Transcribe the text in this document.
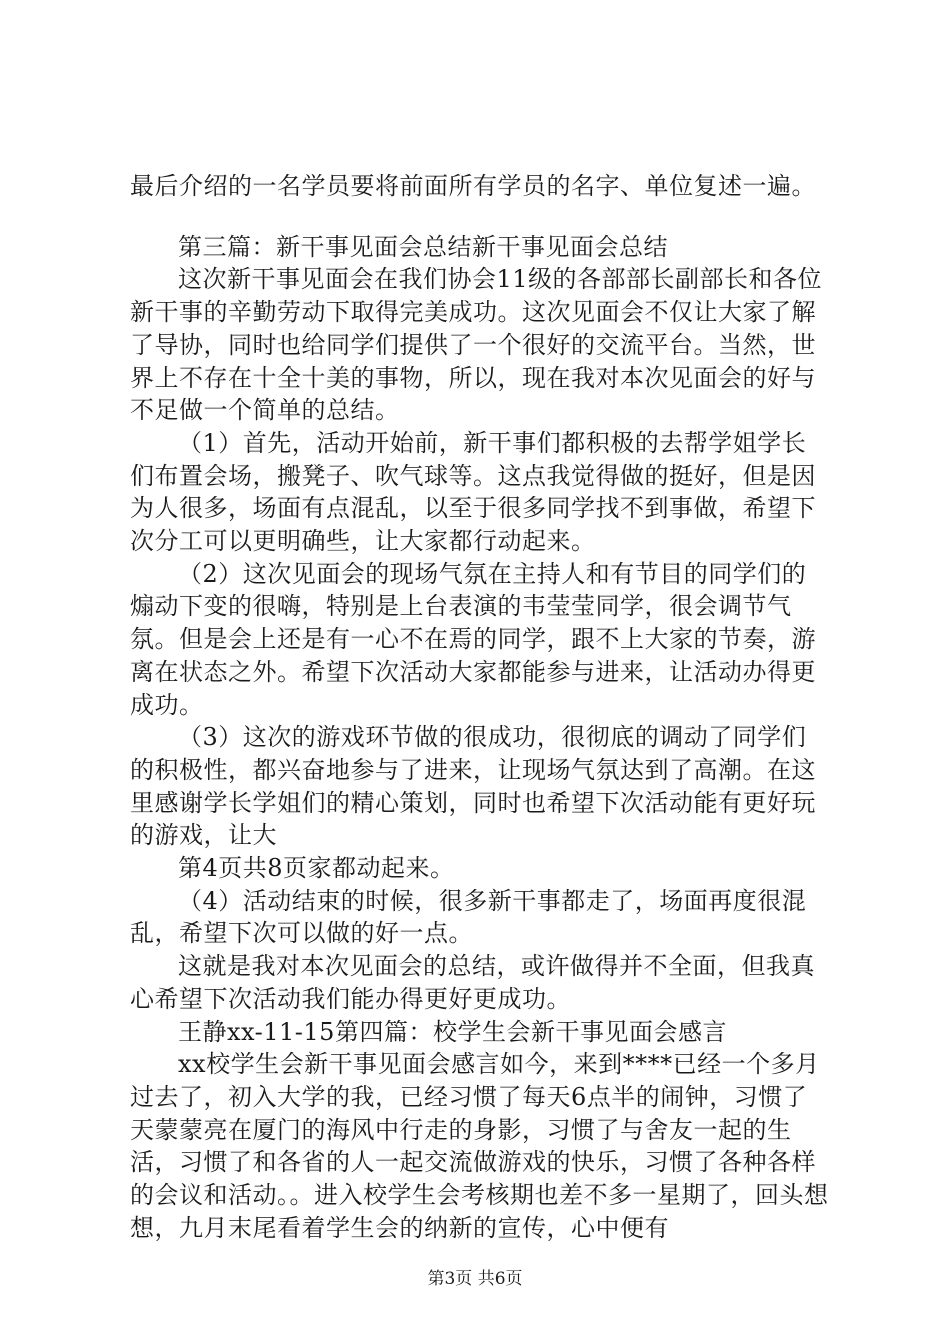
最后介绍的一名学员要将前面所有学员的名字、单位复述一遍。

第三篇：新干事见面会总结新干事见面会总结

这次新干事见面会在我们协会11级的各部部长副部长和各位新干事的辛勤劳动下取得完美成功。这次见面会不仅让大家了解了导协，同时也给同学们提供了一个很好的交流平台。当然，世界上不存在十全十美的事物，所以，现在我对本次见面会的好与不足做一个简单的总结。

（1）首先，活动开始前，新干事们都积极的去帮学姐学长们布置会场，搬凳子、吹气球等。这点我觉得做的挺好，但是因为人很多，场面有点混乱，以至于很多同学找不到事做，希望下次分工可以更明确些，让大家都行动起来。

（2）这次见面会的现场气氛在主持人和有节目的同学们的煽动下变的很嗨，特别是上台表演的韦莹莹同学，很会调节气氛。但是会上还是有一心不在焉的同学，跟不上大家的节奏，游离在状态之外。希望下次活动大家都能参与进来，让活动办得更成功。

（3）这次的游戏环节做的很成功，很彻底的调动了同学们的积极性，都兴奋地参与了进来，让现场气氛达到了高潮。在这里感谢学长学姐们的精心策划，同时也希望下次活动能有更好玩的游戏，让大

第4页共8页家都动起来。

（4）活动结束的时候，很多新干事都走了，场面再度很混乱，希望下次可以做的好一点。

这就是我对本次见面会的总结，或许做得并不全面，但我真心希望下次活动我们能办得更好更成功。

王静xx-11-15第四篇：校学生会新干事见面会感言

xx校学生会新干事见面会感言如今，来到****已经一个多月过去了，初入大学的我，已经习惯了每天6点半的闹钟，习惯了天蒙蒙亮在厦门的海风中行走的身影，习惯了与舍友一起的生活，习惯了和各省的人一起交流做游戏的快乐，习惯了各种各样的会议和活动。。进入校学生会考核期也差不多一星期了，回头想想，九月末尾看着学生会的纳新的宣传，心中便有

第3页 共6页
